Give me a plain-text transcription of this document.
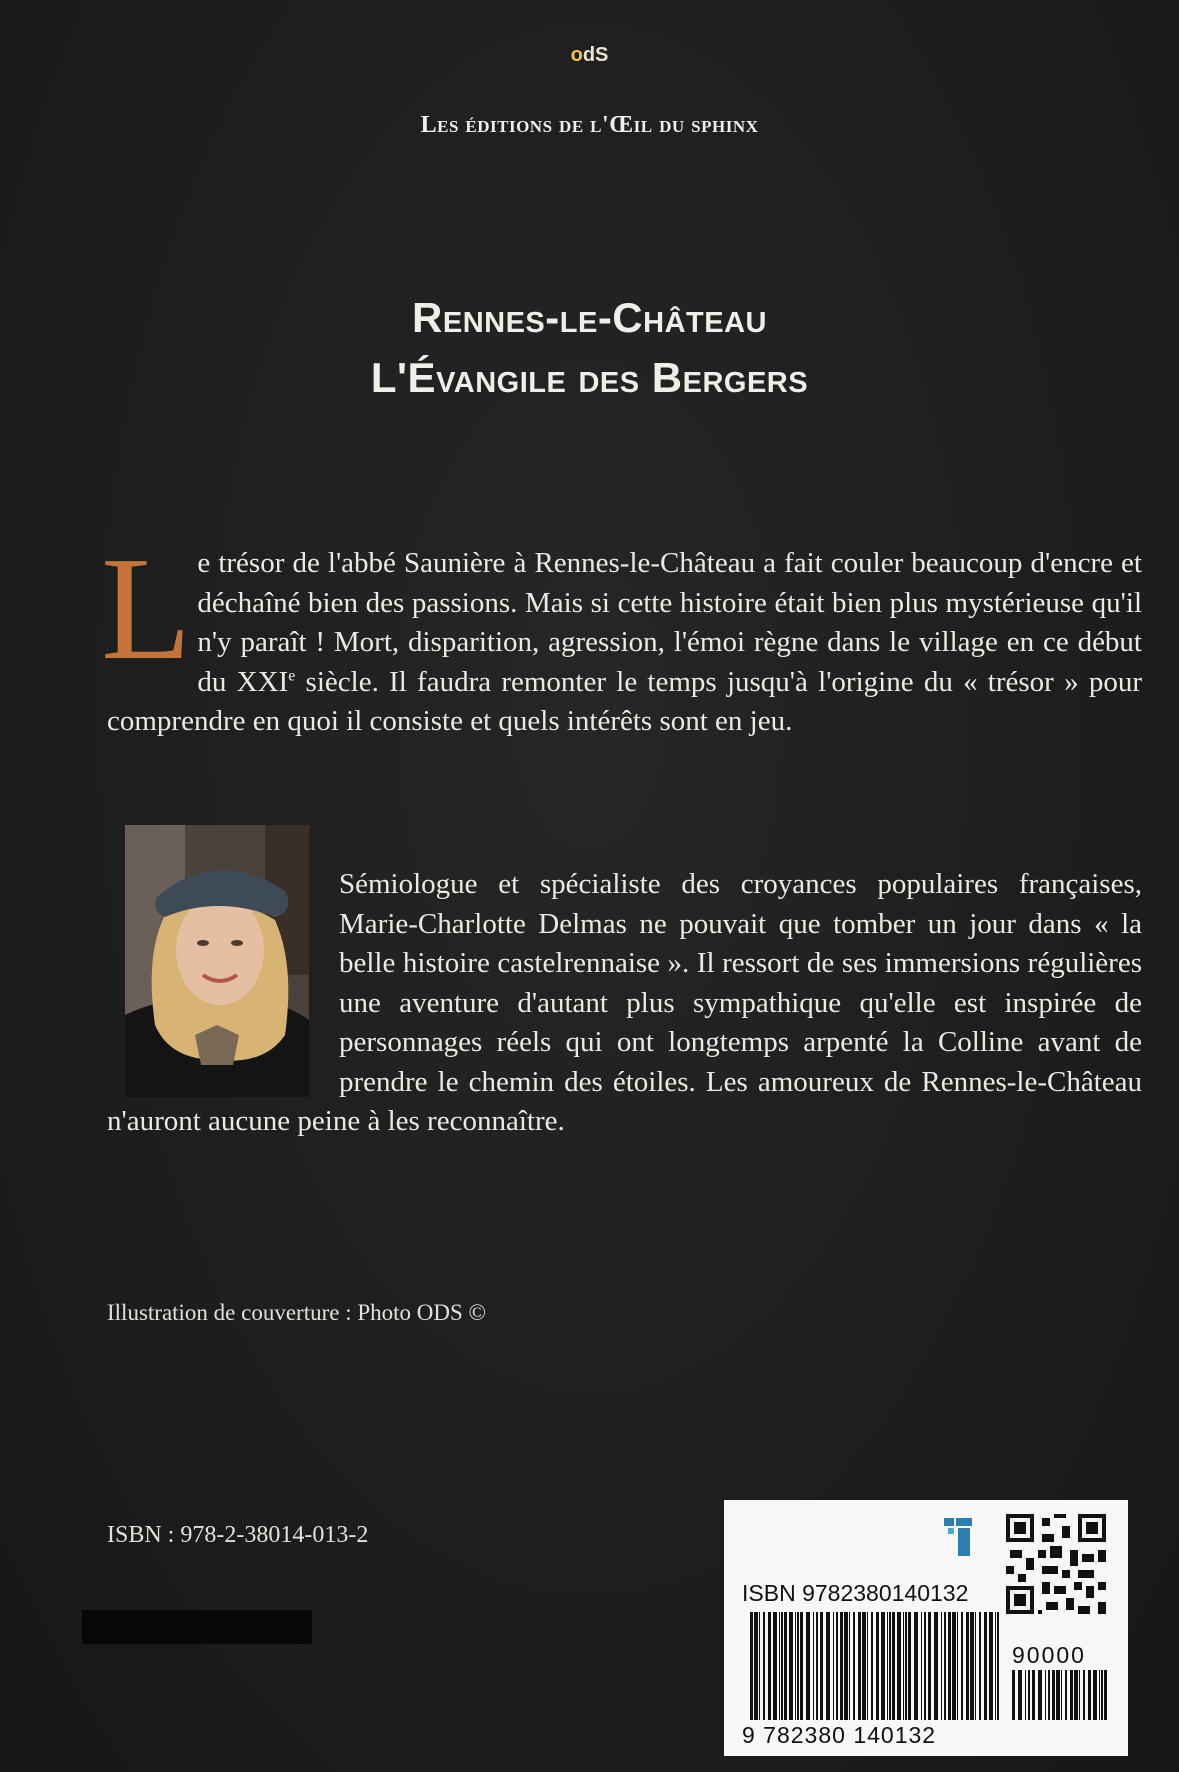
odS
Les éditions de l'Œil du sphinx
Rennes-le-Château
L'Évangile des Bergers
Le trésor de l'abbé Saunière à Rennes-le-Château a fait couler beaucoup d'encre et déchaîné bien des passions. Mais si cette histoire était bien plus mystérieuse qu'il n'y paraît ! Mort, disparition, agression, l'émoi règne dans le village en ce début du XXIe siècle. Il faudra remonter le temps jusqu'à l'origine du « trésor » pour comprendre en quoi il consiste et quels intérêts sont en jeu.
Sémiologue et spécialiste des croyances populaires françaises, Marie-Charlotte Delmas ne pouvait que tomber un jour dans « la belle histoire castelrennaise ». Il ressort de ses immersions régulières une aventure d'autant plus sympathique qu'elle est inspirée de personnages réels qui ont longtemps arpenté la Colline avant de prendre le chemin des étoiles. Les amoureux de Rennes-le-Château n'auront aucune peine à les reconnaître.
Illustration de couverture : Photo ODS ©
ISBN : 978-2-38014-013-2
ISBN 9782380140132
90000
9 782380 140132
